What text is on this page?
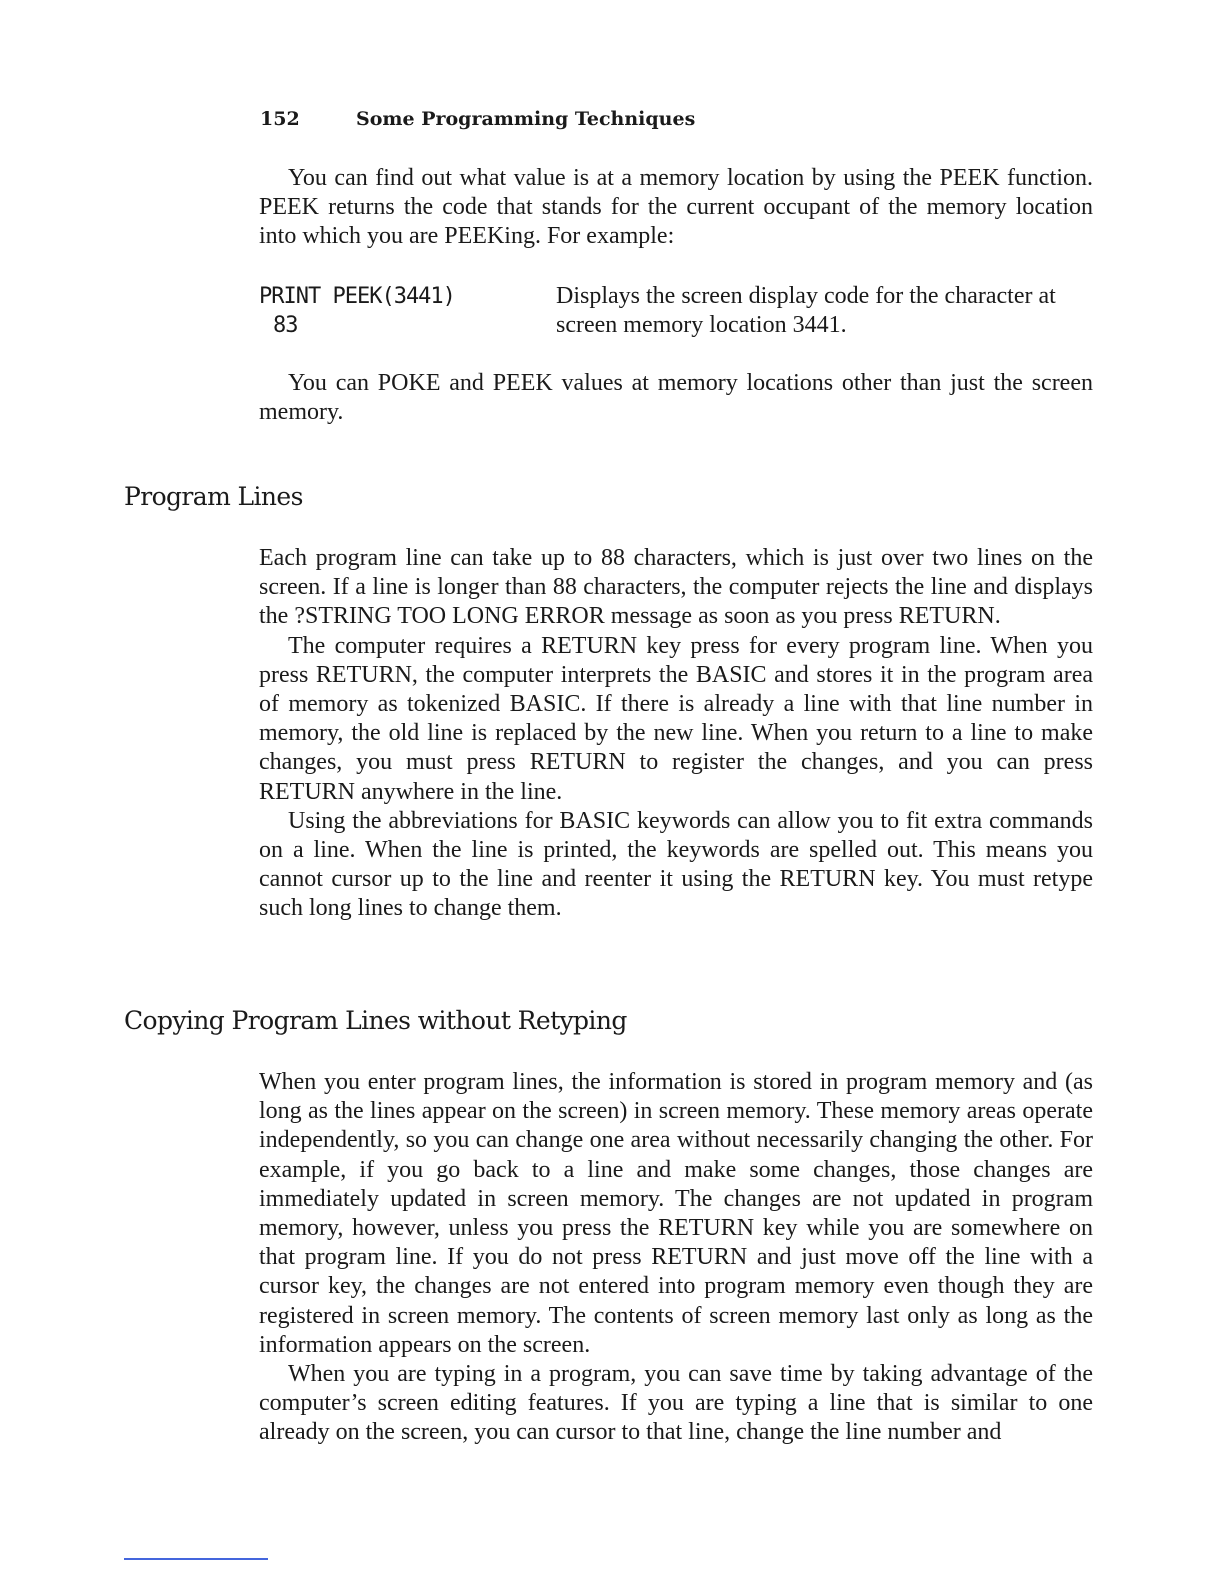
152	Some Programming Techniques

You can find out what value is at a memory location by using the PEEK function. PEEK returns the code that stands for the current occupant of the memory location into which you are PEEKing. For example:

PRINT PEEK(3441)
83
Displays the screen display code for the character at screen memory location 3441.

You can POKE and PEEK values at memory locations other than just the screen memory.

Program Lines

Each program line can take up to 88 characters, which is just over two lines on the screen. If a line is longer than 88 characters, the computer rejects the line and displays the ?STRING TOO LONG ERROR message as soon as you press RETURN.

The computer requires a RETURN key press for every program line. When you press RETURN, the computer interprets the BASIC and stores it in the program area of memory as tokenized BASIC. If there is already a line with that line number in memory, the old line is replaced by the new line. When you return to a line to make changes, you must press RETURN to register the changes, and you can press RETURN anywhere in the line.

Using the abbreviations for BASIC keywords can allow you to fit extra commands on a line. When the line is printed, the keywords are spelled out. This means you cannot cursor up to the line and reenter it using the RETURN key. You must retype such long lines to change them.

Copying Program Lines without Retyping

When you enter program lines, the information is stored in program memory and (as long as the lines appear on the screen) in screen memory. These memory areas operate independently, so you can change one area without necessarily changing the other. For example, if you go back to a line and make some changes, those changes are immediately updated in screen memory. The changes are not updated in program memory, however, unless you press the RETURN key while you are somewhere on that program line. If you do not press RETURN and just move off the line with a cursor key, the changes are not entered into program memory even though they are registered in screen memory. The contents of screen memory last only as long as the information appears on the screen.

When you are typing in a program, you can save time by taking advantage of the computer’s screen editing features. If you are typing a line that is similar to one already on the screen, you can cursor to that line, change the line number and
